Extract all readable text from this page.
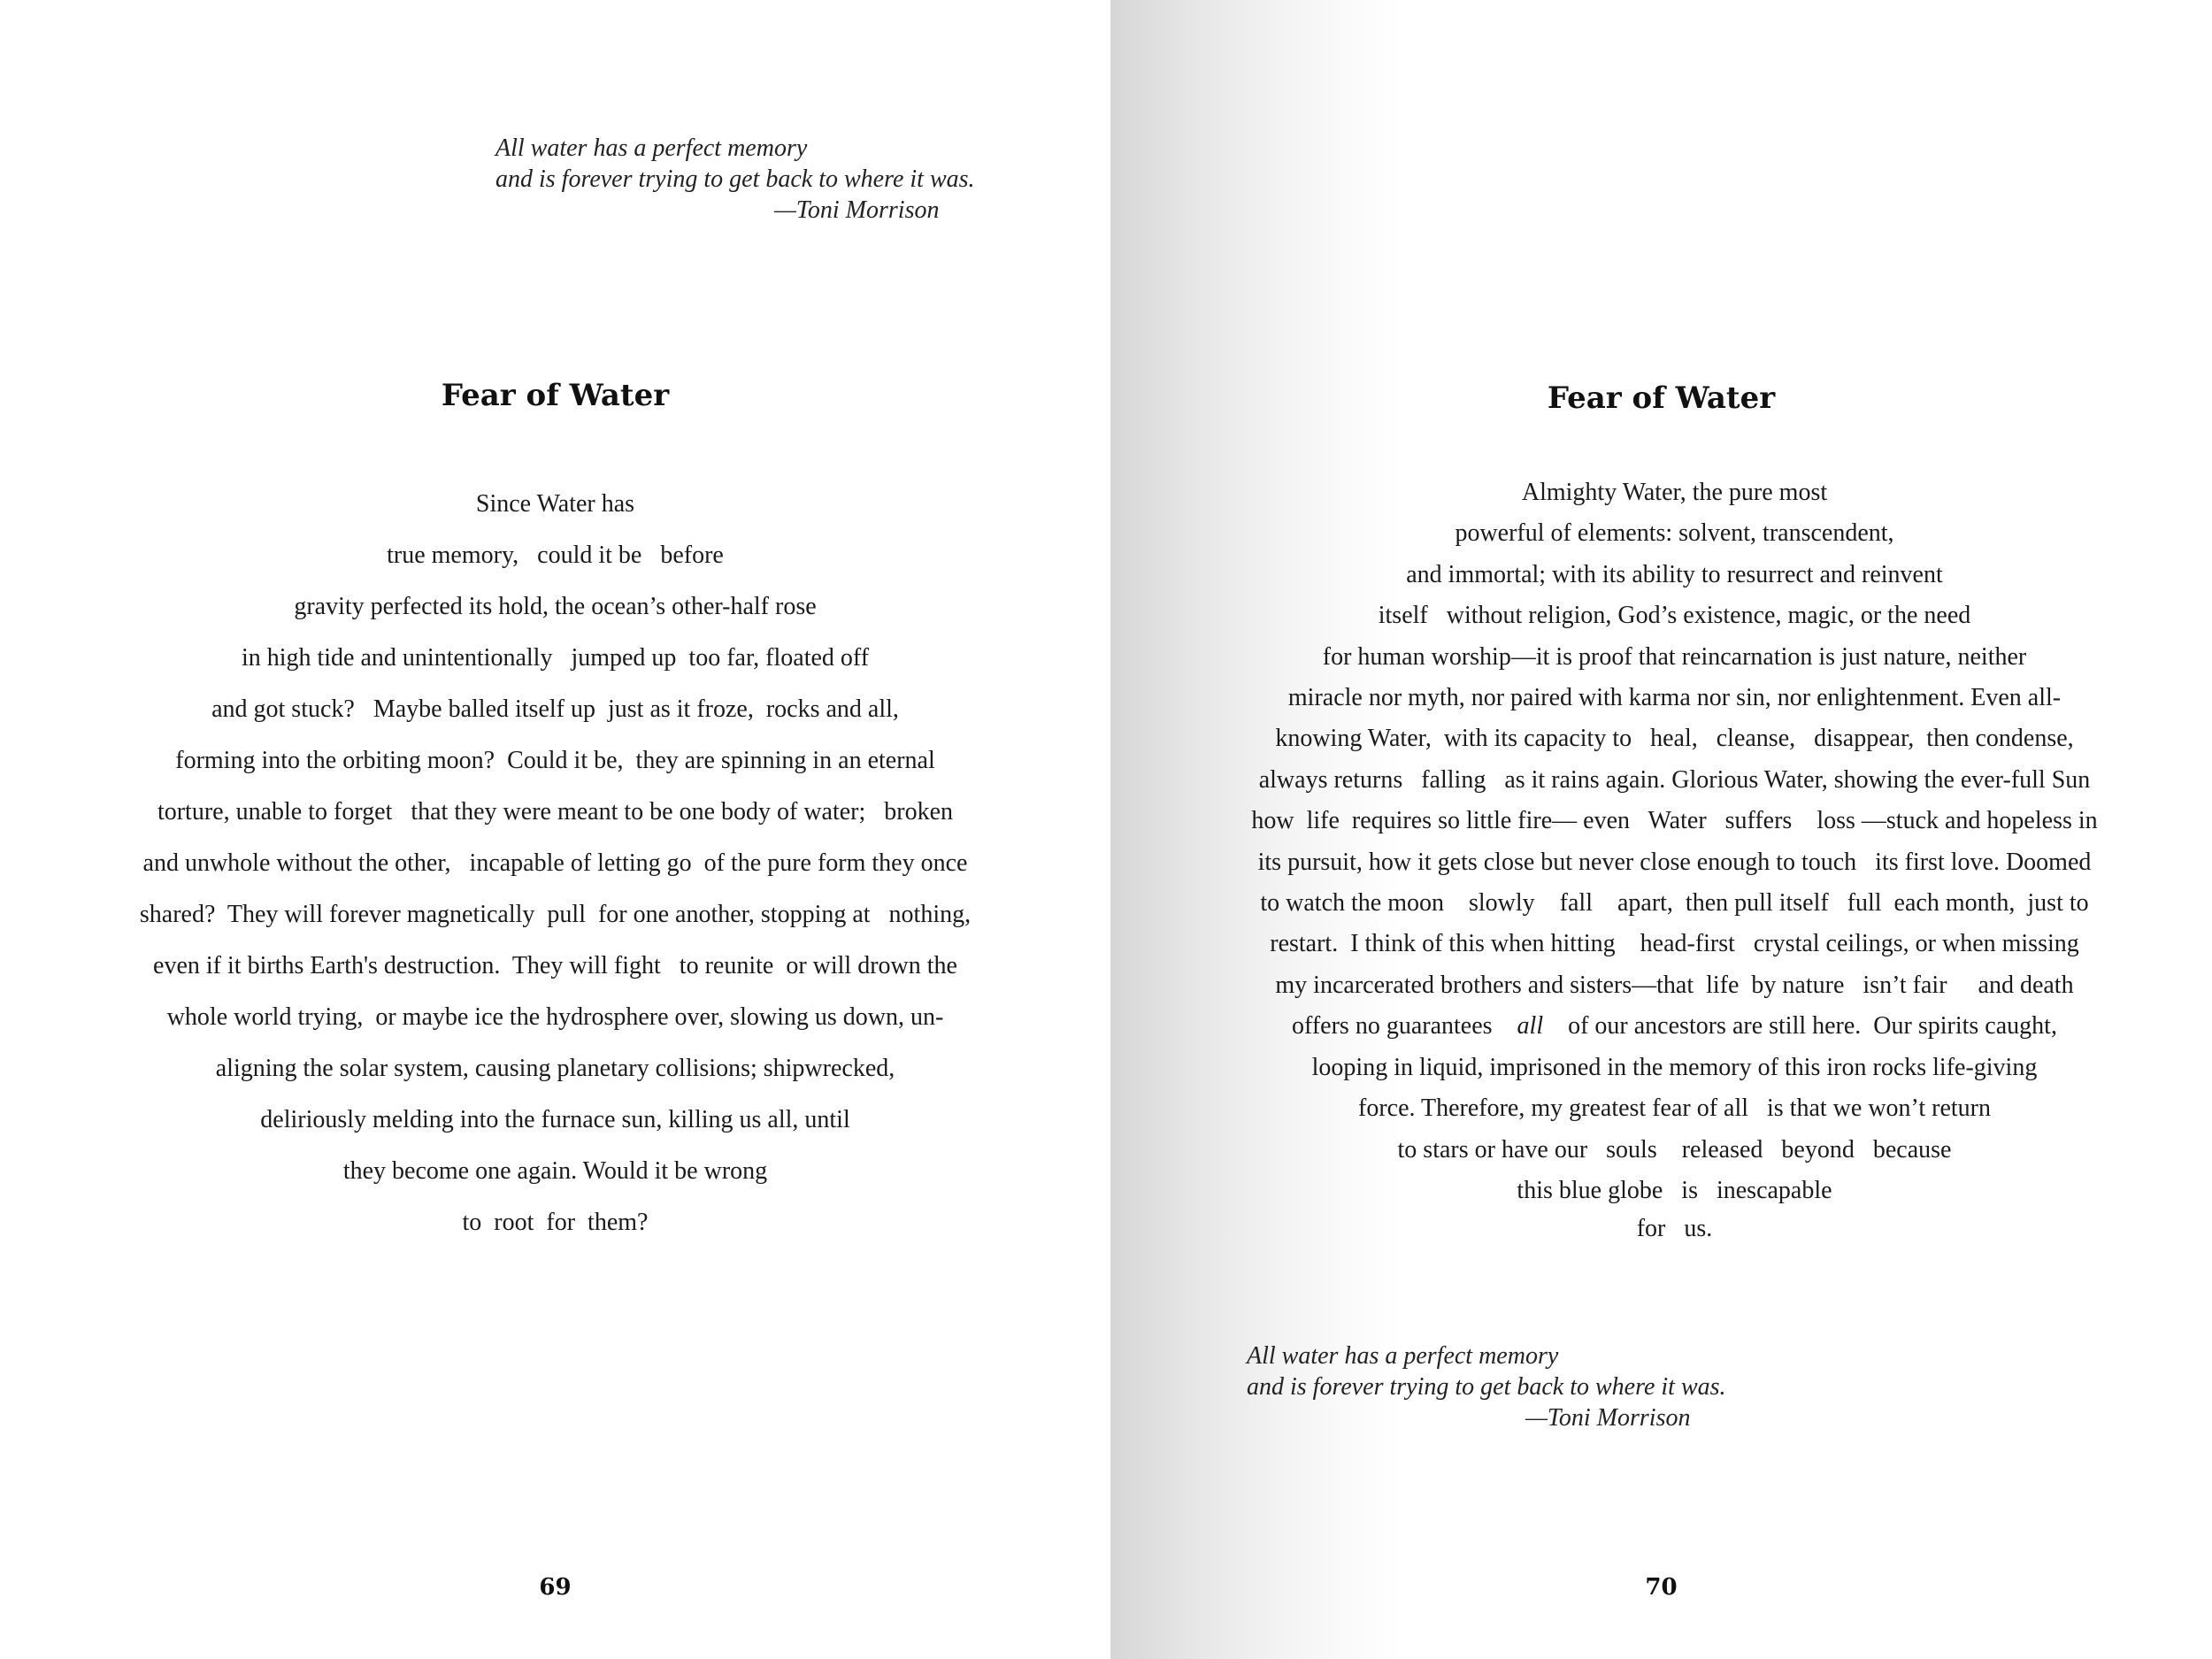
All water has a perfect memory
and is forever trying to get back to where it was.
—Toni Morrison
Fear of Water
Since Water has
true memory,   could it be   before
gravity perfected its hold, the ocean’s other-half rose
in high tide and unintentionally   jumped up  too far, floated off
and got stuck?   Maybe balled itself up  just as it froze,  rocks and all,
forming into the orbiting moon?  Could it be,  they are spinning in an eternal
torture, unable to forget   that they were meant to be one body of water;   broken
and unwhole without the other,   incapable of letting go  of the pure form they once
shared?  They will forever magnetically  pull  for one another, stopping at   nothing,
even if it births Earth's destruction.  They will fight   to reunite  or will drown the
whole world trying,  or maybe ice the hydrosphere over, slowing us down, un-
aligning the solar system, causing planetary collisions; shipwrecked,
deliriously melding into the furnace sun, killing us all, until
they become one again. Would it be wrong
to  root  for  them?
69
Fear of Water
Almighty Water, the pure most
powerful of elements: solvent, transcendent,
and immortal; with its ability to resurrect and reinvent
itself   without religion, God’s existence, magic, or the need
for human worship—it is proof that reincarnation is just nature, neither
miracle nor myth, nor paired with karma nor sin, nor enlightenment. Even all-
knowing Water,  with its capacity to   heal,   cleanse,   disappear,  then condense,
always returns   falling   as it rains again. Glorious Water, showing the ever-full Sun
how  life  requires so little fire— even   Water   suffers    loss —stuck and hopeless in
its pursuit, how it gets close but never close enough to touch   its first love. Doomed
to watch the moon    slowly    fall    apart,  then pull itself   full  each month,  just to
restart.  I think of this when hitting    head-first   crystal ceilings, or when missing
my incarcerated brothers and sisters—that  life  by nature   isn’t fair     and death
offers no guarantees    all    of our ancestors are still here.  Our spirits caught,
looping in liquid, imprisoned in the memory of this iron rocks life-giving
force. Therefore, my greatest fear of all   is that we won’t return
to stars or have our   souls    released   beyond   because
this blue globe   is   inescapable
for   us.
All water has a perfect memory
and is forever trying to get back to where it was.
—Toni Morrison
70
